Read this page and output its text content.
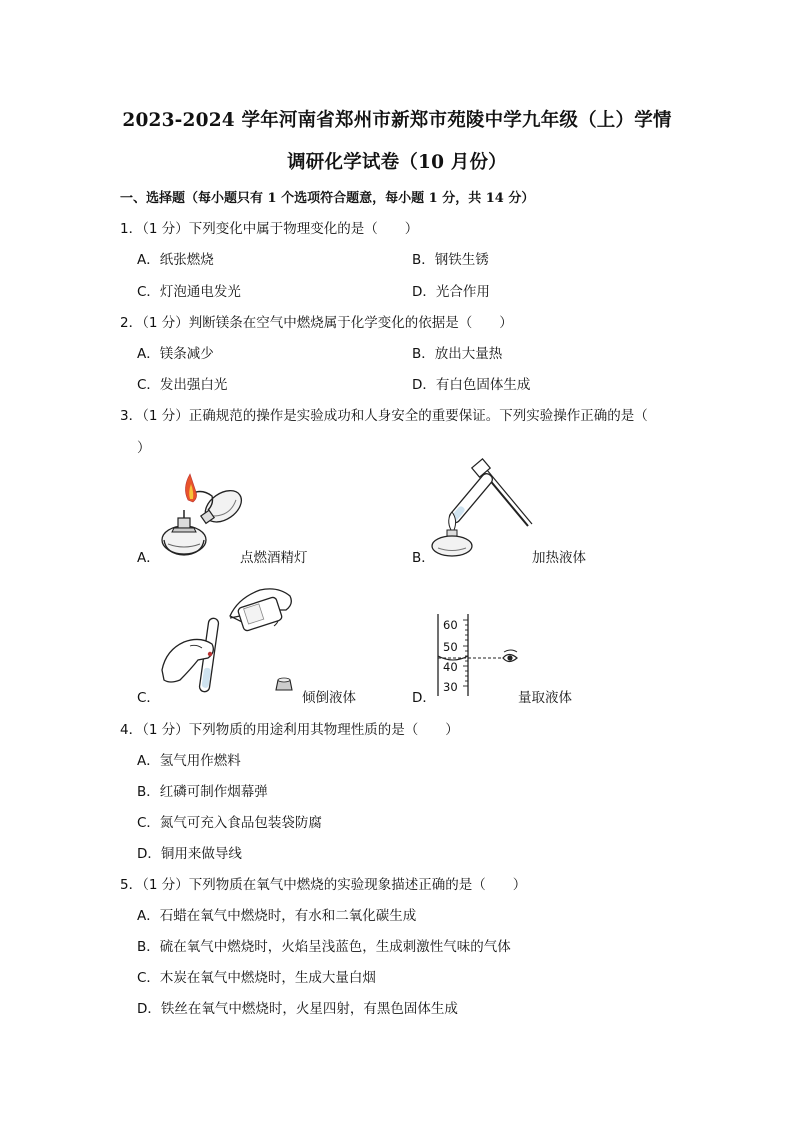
2023-2024 学年河南省郑州市新郑市苑陵中学九年级（上）学情
调研化学试卷（10 月份）
一、选择题（每小题只有 1 个选项符合题意，每小题 1 分，共 14 分）
1．（1 分）下列变化中属于物理变化的是（　　）
A．纸张燃烧	B．钢铁生锈
C．灯泡通电发光	D．光合作用
2．（1 分）判断镁条在空气中燃烧属于化学变化的依据是（　　）
A．镁条减少	B．放出大量热
C．发出强白光	D．有白色固体生成
3．（1 分）正确规范的操作是实验成功和人身安全的重要保证。下列实验操作正确的是（
）
A．	点燃酒精灯	B．	加热液体
C．	倾倒液体
60
50
40
30
D．	量取液体
4．（1 分）下列物质的用途利用其物理性质的是（　　）
A．氢气用作燃料
B．红磷可制作烟幕弹
C．氮气可充入食品包装袋防腐
D．铜用来做导线
5．（1 分）下列物质在氧气中燃烧的实验现象描述正确的是（　　）
A．石蜡在氧气中燃烧时，有水和二氧化碳生成
B．硫在氧气中燃烧时，火焰呈浅蓝色，生成刺激性气味的气体
C．木炭在氧气中燃烧时，生成大量白烟
D．铁丝在氧气中燃烧时，火星四射，有黑色固体生成
